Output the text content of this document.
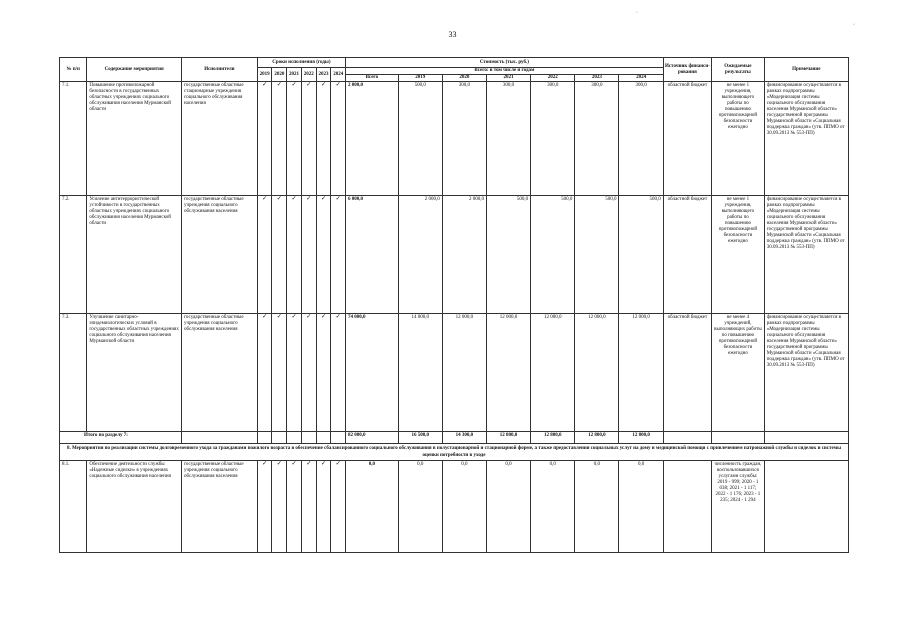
33
·
·
№ п/п	Содержание мероприятия	Исполнители	Сроки исполнения (годы)						Стоимость (тыс. руб.)							Источник финанси-рования	Ожидаемые результаты	Примечание
			2019	2020	2021	2022	2023	2024	Всего: в том числе и годам									
									Всего	2019	2020	2021	2022	2023	2024			
7.1.	Повышение противопожарной безопасности в государственных областных учреждениях социального обслуживания населения Мурманской области	государственные областные стационарные учреждения социального обслуживания населения	✓	✓	✓	✓	✓	✓	2 000,0	500,0	300,0	300,0	300,0	300,0	300,0	областной бюджет	не менее 1 учреждения, выполняющего работы по повышению противопожарной безопасности ежегодно	финансирование осуществляется в рамках подпрограммы «Модернизация системы социального обслуживания населения Мурманской области» государственной программы Мурманской области «Социальная поддержка граждан» (утв. ППМО от 30.09.2013 № 553-ПП)
7.2.	Усиление антитеррористической устойчивости в государственных областных учреждениях социального обслуживания населения Мурманской области	государственные областные учреждения социального обслуживания населения	✓	✓	✓	✓	✓	✓	6 000,0	2 000,0	2 000,0	500,0	500,0	500,0	500,0	областной бюджет	не менее 1 учреждения, выполняющего работы по повышению противопожарной безопасности ежегодно	финансирование осуществляется в рамках подпрограммы «Модернизация системы социального обслуживания населения Мурманской области» государственной программы Мурманской области «Социальная поддержка граждан» (утв. ППМО от 30.09.2013 № 553-ПП)
7.3.	Улучшение санитарно-эпидемиологических условий в государственных областных учреждениях социального обслуживания населения Мурманской области	государственные областные учреждения социального обслуживания населения	✓	✓	✓	✓	✓	✓	74 000,0	14 000,0	12 000,0	12 000,0	12 000,0	12 000,0	12 000,0	областной бюджет	не менее 4 учреждений, выполняющих работы по повышению противопожарной безопасности ежегодно	финансирование осуществляется в рамках подпрограммы «Модернизация системы социального обслуживания населения Мурманской области» государственной программы Мурманской области «Социальная поддержка граждан» (утв. ППМО от 30.09.2013 № 553-ПП)
Итого по разделу 7:									82 000,0	16 500,0	14 300,0	12 800,0	12 800,0	12 800,0	12 800,0			
8. Мероприятия по реализации системы долговременного ухода за гражданами пожилого возраста в обеспечение сбалансированного социального обслуживания в полустационарной и стационарной форме, а также предоставления социальных услуг на дому и медицинской помощи с привлечением патронажной службы и сиделок и системы оценки потребности в уходе																		
8.1.	Обеспечение деятельности службы «Надежные сиделки» в учреждениях социального обслуживания населения	государственные областные учреждения социального обслуживания населения	✓	✓	✓	✓	✓	✓	0,0	0,0	0,0	0,0	0,0	0,0	0,0		численность граждан, воспользовавшихся услугами службы: 2019 - 999; 2020 - 1 038; 2021 - 1 117; 2022 - 1 176; 2023 - 1 235; 2024 - 1 294	
